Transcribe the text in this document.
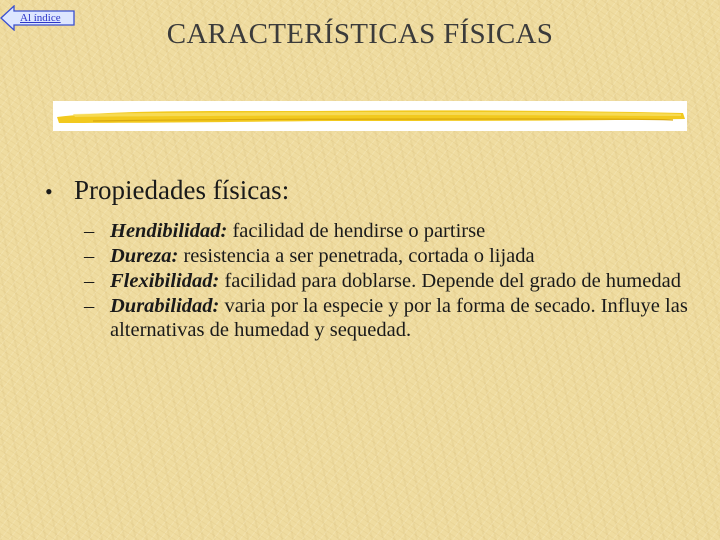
Al índice	CARACTERÍSTICAS FÍSICAS
• Propiedades físicas:
– Hendibilidad: facilidad de hendirse o partirse
– Dureza: resistencia a ser penetrada, cortada o lijada
– Flexibilidad: facilidad para doblarse. Depende del grado de humedad
– Durabilidad: varia por la especie y por la forma de secado. Influye las alternativas de humedad y sequedad.
